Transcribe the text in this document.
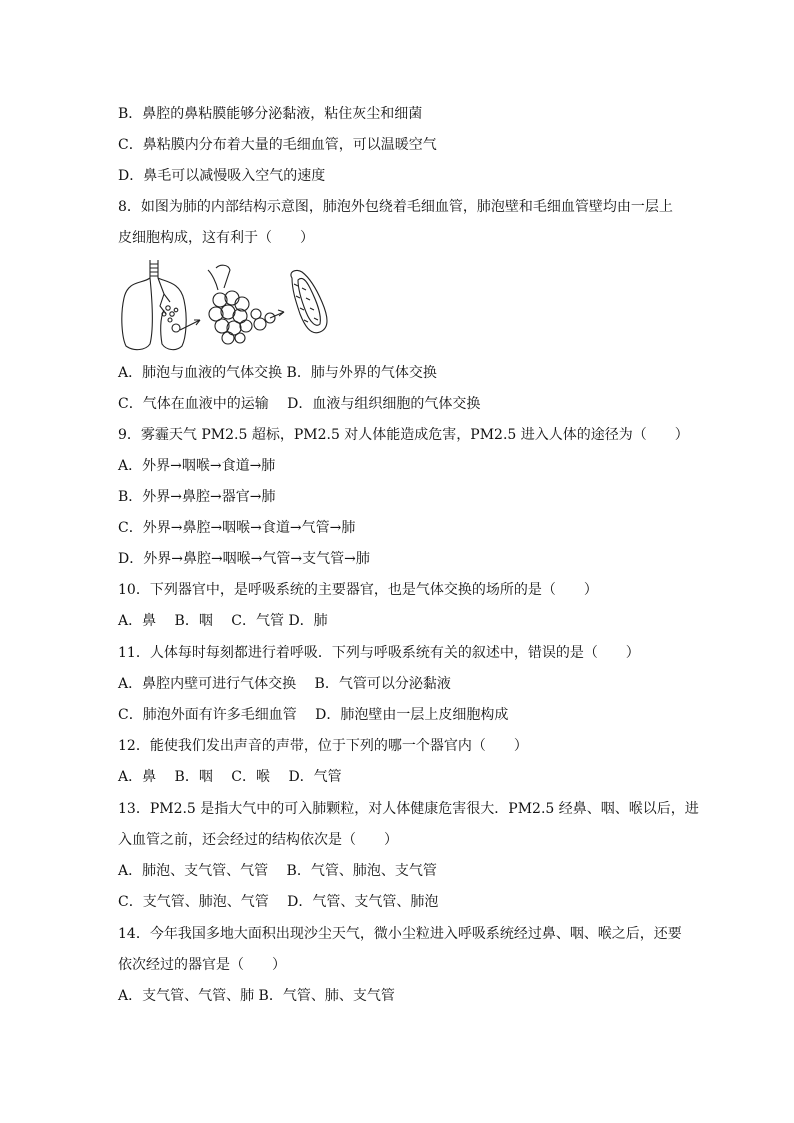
B．鼻腔的鼻粘膜能够分泌黏液，粘住灰尘和细菌
C．鼻粘膜内分布着大量的毛细血管，可以温暖空气
D．鼻毛可以减慢吸入空气的速度
8．如图为肺的内部结构示意图，肺泡外包绕着毛细血管，肺泡壁和毛细血管壁均由一层上
皮细胞构成，这有利于（　　）
A．肺泡与血液的气体交换 B．肺与外界的气体交换
C．气体在血液中的运输　 D．血液与组织细胞的气体交换
9．雾霾天气 PM2.5 超标，PM2.5 对人体能造成危害，PM2.5 进入人体的途径为（　　）
A．外界→咽喉→食道→肺
B．外界→鼻腔→器官→肺
C．外界→鼻腔→咽喉→食道→气管→肺
D．外界→鼻腔→咽喉→气管→支气管→肺
10．下列器官中，是呼吸系统的主要器官，也是气体交换的场所的是（　　）
A．鼻　 B．咽　 C．气管 D．肺
11．人体每时每刻都进行着呼吸．下列与呼吸系统有关的叙述中，错误的是（　　）
A．鼻腔内壁可进行气体交换　 B．气管可以分泌黏液
C．肺泡外面有许多毛细血管　 D．肺泡壁由一层上皮细胞构成
12．能使我们发出声音的声带，位于下列的哪一个器官内（　　）
A．鼻　 B．咽　 C．喉　 D．气管
13．PM2.5 是指大气中的可入肺颗粒，对人体健康危害很大．PM2.5 经鼻、咽、喉以后，进
入血管之前，还会经过的结构依次是（　　）
A．肺泡、支气管、气管　 B．气管、肺泡、支气管
C．支气管、肺泡、气管　 D．气管、支气管、肺泡
14．今年我国多地大面积出现沙尘天气，微小尘粒进入呼吸系统经过鼻、咽、喉之后，还要
依次经过的器官是（　　）
A．支气管、气管、肺 B．气管、肺、支气管
